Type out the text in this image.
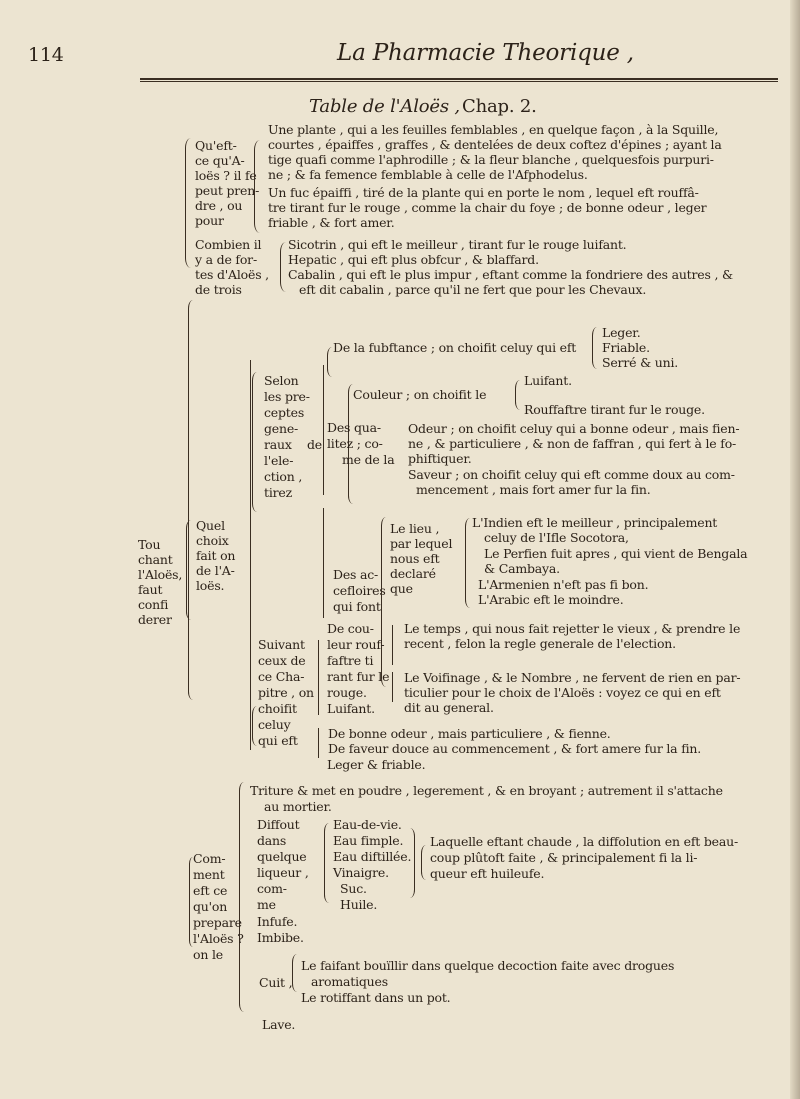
114	La Pharmacie Theorique ,
Table de l'Aloës , Chap. 2.
Qu'eft-
ce qu'A-
loës ? il fe
peut pren-
dre , ou
pour
Une plante , qui a les feuilles femblables , en quelque façon , à la Squille,
courtes , épaiffes , graffes , & dentelées de deux coftez d'épines ; ayant la
tige quafi comme l'aphrodille ; & la fleur blanche , quelquesfois purpuri-
ne ; & fa femence femblable à celle de l'Afphodelus.
Un fuc épaiffi , tiré de la plante qui en porte le nom , lequel eft rouffâ-
tre tirant fur le rouge , comme la chair du foye ; de bonne odeur , leger
friable , & fort amer.
Combien il
y a de for-
tes d'Aloës ,
de trois
Sicotrin , qui eft le meilleur , tirant fur le rouge luifant.
Hepatic , qui eft plus obfcur , & blaffard.
Cabalin , qui eft le plus impur , eftant comme la fondriere des autres , &
eft dit cabalin , parce qu'il ne fert que pour les Chevaux.
Tou
chant
l'Aloës,
faut
confi
derer
Quel
choix
fait on
de l'A-
loës.
Selon
les pre-
ceptes
gene-
raux de
l'ele-
ction ,
tirez
De la fubftance ; on choifit celuy qui eft
Leger.
Friable.
Serré & uni.
Couleur ; on choifit le
Luifant.
Rouffaftre tirant fur le rouge.
Des qua-
litez ; co-
me de la
Odeur ; on choifit celuy qui a bonne odeur , mais fien-
ne , & particuliere , & non de faffran , qui fert à le fo-
phiftiquer.
Saveur ; on choifit celuy qui eft comme doux au com-
mencement , mais fort amer fur la fin.
Des ac-
cefloires
qui font
Le lieu ,
par lequel
nous eft
declaré
que
L'Indien eft le meilleur , principalement
celuy de l'Ifle Socotora,
Le Perfien fuit apres , qui vient de Bengala
& Cambaya.
L'Armenien n'eft pas fi bon.
L'Arabic eft le moindre.
Suivant
ceux de
ce Cha-
pitre , on
choifit
celuy
qui eft
De cou-
leur rouf-
faftre ti
rant fur le
rouge.
Luifant.
Le temps , qui nous fait rejetter le vieux , & prendre le
recent , felon la regle generale de l'election.
Le Voifinage , & le Nombre , ne fervent de rien en par-
ticulier pour le choix de l'Aloës : voyez ce qui en eft
dit au general.
De bonne odeur , mais particuliere , & fienne.
De faveur douce au commencement , & fort amere fur la fin.
Leger & friable.
Com-
ment
eft ce
qu'on
prepare
l'Aloës ?
on le
Triture & met en poudre , legerement , & en broyant ; autrement il s'attache
au mortier.
Diffout
dans
quelque
liqueur ,
com-
me
Eau-de-vie.
Eau fimple.
Eau diftillée.
Vinaigre.
Suc.
Huile.
Laquelle eftant chaude , la diffolution en eft beau-
coup plûtoft faite , & principalement fi la li-
queur eft huileufe.
Infufe.
Imbibe.
Cuit ,
Le faifant bouïllir dans quelque decoction faite avec drogues
aromatiques
Le rotiffant dans un pot.
Lave.
